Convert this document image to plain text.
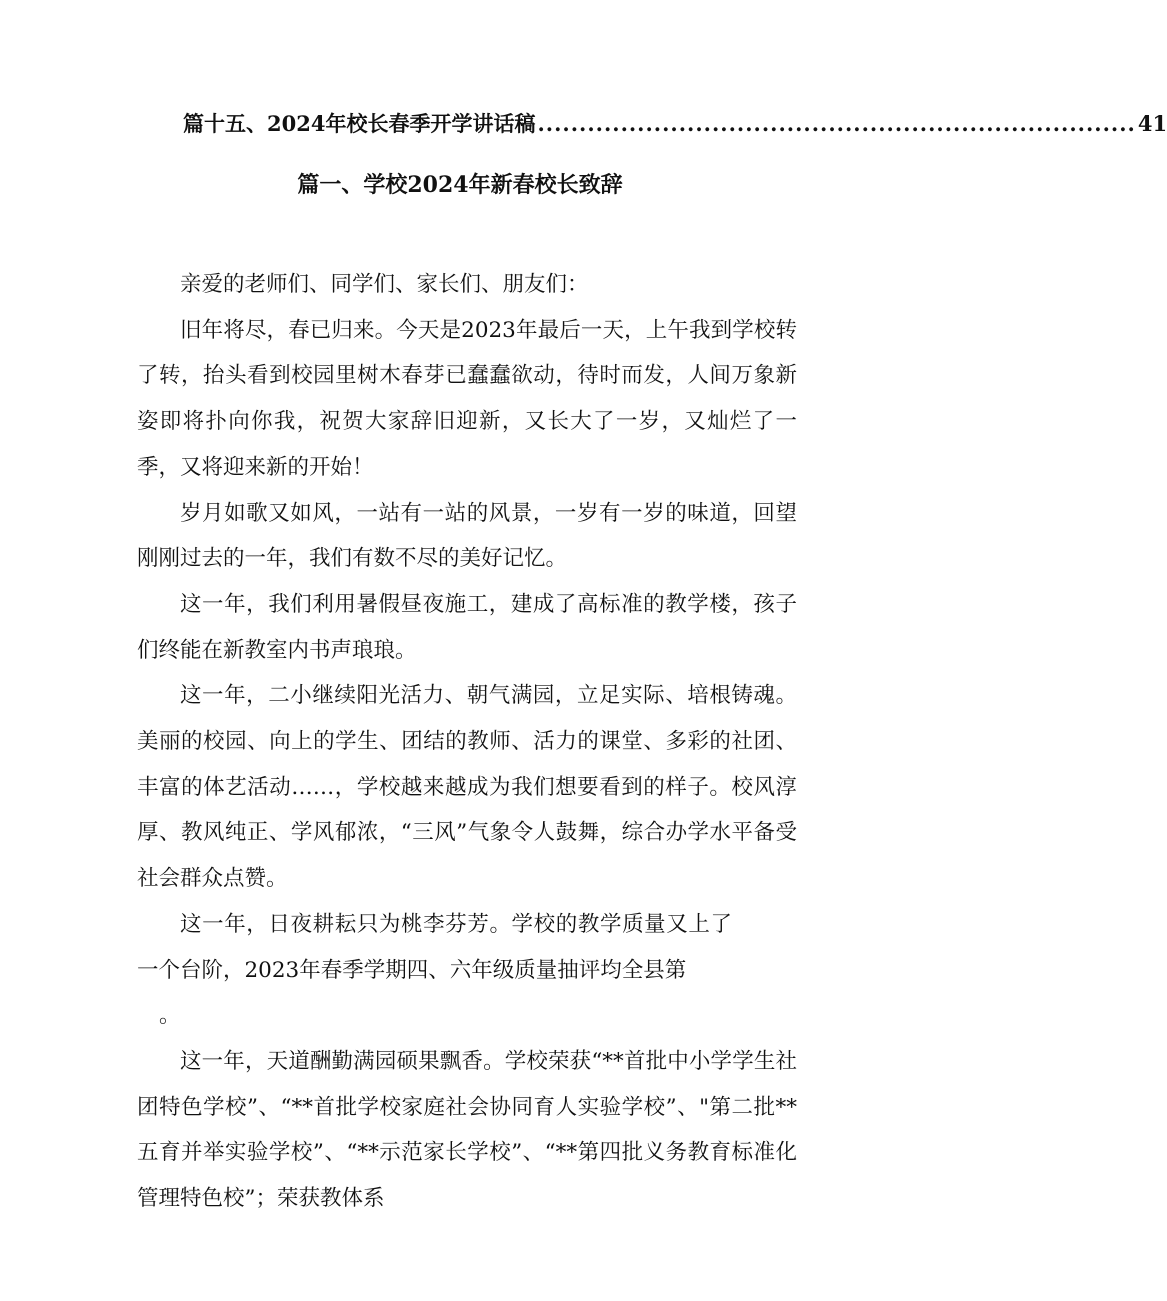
篇十五、2024年校长春季开学讲话稿 ........................................................................ 41
篇一、学校2024年新春校长致辞

亲爱的老师们、同学们、家长们、朋友们：

旧年将尽，春已归来。今天是2023年最后一天，上午我到学校转了转，抬头看到校园里树木春芽已蠢蠢欲动，待时而发，人间万象新姿即将扑向你我，祝贺大家辞旧迎新，又长大了一岁，又灿烂了一季，又将迎来新的开始！

岁月如歌又如风，一站有一站的风景，一岁有一岁的味道，回望刚刚过去的一年，我们有数不尽的美好记忆。

这一年，我们利用暑假昼夜施工，建成了高标准的教学楼，孩子们终能在新教室内书声琅琅。

这一年，二小继续阳光活力、朝气满园，立足实际、培根铸魂。美丽的校园、向上的学生、团结的教师、活力的课堂、多彩的社团、丰富的体艺活动……，学校越来越成为我们想要看到的样子。校风淳厚、教风纯正、学风郁浓，“三风”气象令人鼓舞，综合办学水平备受社会群众点赞。

这一年，日夜耕耘只为桃李芬芳。学校的教学质量又上了一个台阶，2023年春季学期四、六年级质量抽评均全县第

。

这一年，天道酬勤满园硕果飘香。学校荣获“**首批中小学学生社团特色学校”、“**首批学校家庭社会协同育人实验学校”、"第二批**五育并举实验学校”、“**示范家长学校”、“**第四批义务教育标准化管理特色校”；荣获教体系
